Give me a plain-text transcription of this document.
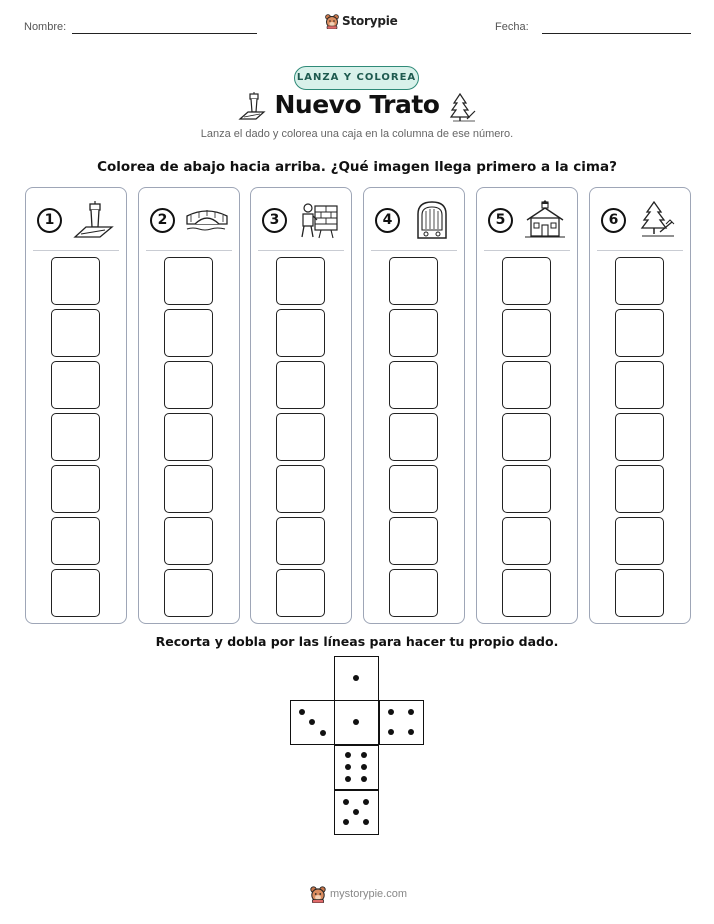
Nombre:	Storypie	Fecha:
LANZA Y COLOREA
Nuevo Trato
Lanza el dado y colorea una caja en la columna de ese número.
Colorea de abajo hacia arriba. ¿Qué imagen llega primero a la cima?
1	2	3	4	5	6
Recorta y dobla por las líneas para hacer tu propio dado.
mystorypie.com
